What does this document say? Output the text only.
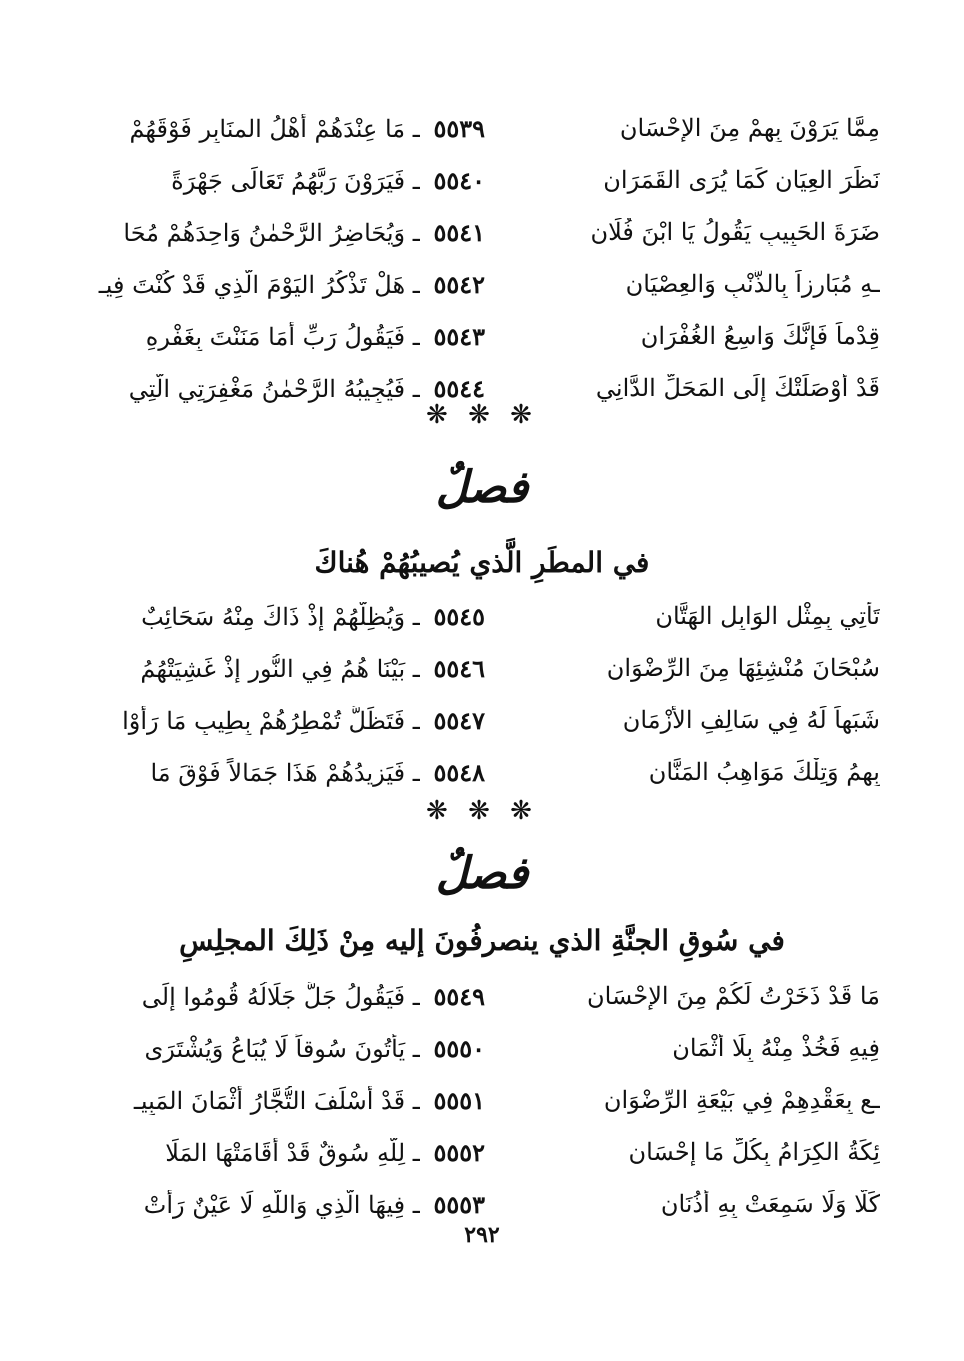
٥٥٣٩ ـ مَا عِنْدَهُمْ أَهْلُ المنَابِرِ فَوْقَهُمْ	مِمَّا يَرَوْنَ بِهِمْ مِنَ الإِحْسَانِ
٥٥٤٠ ـ فَيَرَوْنَ رَبَّهُمُ تَعَالَى جَهْرَةً	نَظَرَ العِيَانِ كَمَا يُرَى القَمَرَانِ
٥٥٤١ ـ وَيُحَاضِرُ الرَّحْمٰنُ وَاحِدَهُمْ مُحَا	ضَرَةَ الحَبِيبِ يَقُولُ يَا ابْنَ فُلَانِ
٥٥٤٢ ـ هَلْ تَذْكُرُ اليَوْمَ الَّذِي قَدْ كُنْتَ فِيـ	ـهِ مُبَارِزاً بِالذَّنْبِ وَالعِصْيَانِ
٥٥٤٣ ـ فَيَقُولُ رَبِّ أَمَا مَنَنْتَ بِغَفْرِهِ	قِدْماً فَإِنَّكَ وَاسِعُ الغُفْرَانِ
٥٥٤٤ ـ فَيُجِيبُهُ الرَّحْمٰنُ مَغْفِرَتِي الَّتِي	قَدْ أَوْصَلَتْكَ إِلَى المَحَلِّ الدَّانِي
❋ ❋ ❋
فصلٌ
في المطَرِ الَّذي يُصيبُهُمْ هُناكَ
٥٥٤٥ ـ وَيُظِلُّهُمْ إِذْ ذَاكَ مِنْهُ سَحَائِبٌ	تَأْتِي بِمِثْلِ الوَابِلِ الهَتَّانِ
٥٥٤٦ ـ بَيْنَا هُمُ فِي النُّورِ إِذْ غَشِيَتْهُمُ	سُبْحَانَ مُنْشِئِهَا مِنَ الرِّضْوَانِ
٥٥٤٧ ـ فَتَظَلُّ تُمْطِرُهُمْ بِطِيبٍ مَا رَأَوْا	شَبَهاً لَهُ فِي سَالِفِ الأَزْمَانِ
٥٥٤٨ ـ فَيَزِيدُهُمْ هَذَا جَمَالاً فَوْقَ مَا	بِهِمُ وَتِلْكَ مَوَاهِبُ المَنَّانِ
❋ ❋ ❋
فصلٌ
في سُوقِ الجنَّةِ الذي ينصرفُونَ إليه مِنْ ذَلِكَ المجلِسِ
٥٥٤٩ ـ فَيَقُولُ جَلَّ جَلَالُهُ قُومُوا إِلَى	مَا قَدْ ذَخَرْتُ لَكُمْ مِنَ الإِحْسَانِ
٥٥٥٠ ـ يَأْتُونَ سُوقاً لَا يُبَاعُ وَيُشْتَرَى	فِيهِ فَخُذْ مِنْهُ بِلَا أَثْمَانِ
٥٥٥١ ـ قَدْ أَسْلَفَ التُّجَّارُ أَثْمَانَ المَبِيـ	ـعِ بِعَقْدِهِمْ فِي بَيْعَةِ الرِّضْوَانِ
٥٥٥٢ ـ لِلَّهِ سُوقٌ قَدْ أَقَامَتْهَا المَلَا	ئِكَةُ الكِرَامُ بِكُلِّ مَا إِحْسَانِ
٥٥٥٣ ـ فِيهَا الَّذِي وَاللَّهِ لَا عَيْنٌ رَأَتْ	كَلَّا وَلَا سَمِعَتْ بِهِ أُذُنَانِ
٢٩٢
